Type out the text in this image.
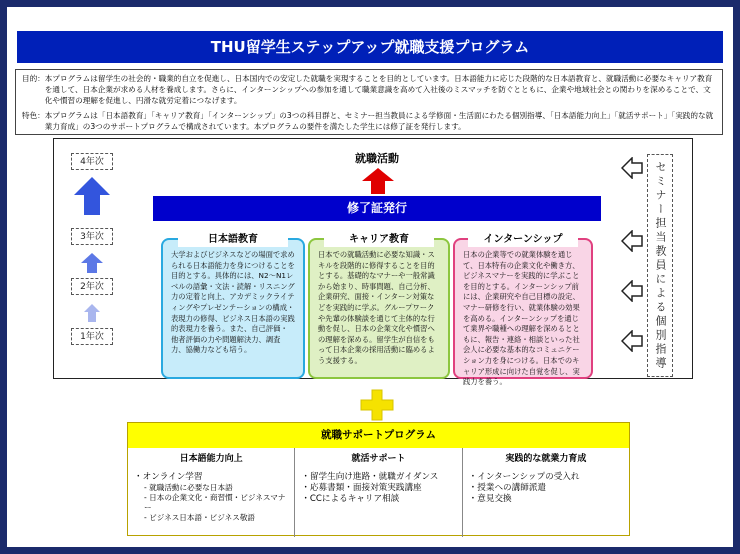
THU留学生ステップアップ就職支援プログラム
目的： 本プログラムは留学生の社会的・職業的自立を促進し、日本国内での安定した就職を実現することを目的としています。日本語能力に応じた段階的な日本語教育と、就職活動に必要なキャリア教育を通して、日本企業が求める人材を養成します。さらに、インターンシップへの参加を通して職業意識を高めて入社後のミスマッチを防ぐとともに、企業や地域社会との関わりを深めることで、文化や慣習の理解を促進し、円滑な就労定着につなげます。
特色： 本プログラムは「日本語教育」「キャリア教育」「インターンシップ」の3つの科目群と、セミナー担当教員による学修面・生活面にわたる個別指導、「日本語能力向上」「就活サポート」「実践的な就業力育成」の3つのサポートプログラムで構成されています。本プログラムの要件を満たした学生には修了証を発行します。
4年次
3年次
2年次
1年次
就職活動
修了証発行
日本語教育
大学およびビジネスなどの場面で求められる日本語能力を身につけることを目的とする。具体的には、N2～N1レベルの語彙・文法・読解・リスニング力の定着と向上、アカデミックライティングやプレゼンテーションの構成・表現力の修得、ビジネス日本語の実践的表現力を養う。また、自己評価・他者評価の力や問題解決力、調査力、協働力なども培う。
キャリア教育
日本での就職活動に必要な知識・スキルを段階的に修得することを目的とする。基礎的なマナーや一般常識から始まり、時事問題、自己分析、企業研究、面接・インターン対策などを実践的に学ぶ。グループワークや先輩の体験談を通じて主体的な行動を促し、日本の企業文化や慣習への理解を深める。留学生が自信をもって日本企業の採用活動に臨めるよう支援する。
インターンシップ
日本の企業等での就業体験を通じて、日本特有の企業文化や働き方、ビジネスマナーを実践的に学ぶことを目的とする。インターンシップ前には、企業研究や自己目標の設定、マナー研修を行い、就業体験の効果を高める。インターンシップを通じて業界や職種への理解を深めるとともに、報告・連絡・相談といった社会人に必要な基本的なコミュニケーション力を身につける。日本でのキャリア形成に向けた自覚を促し、実践力を養う。
セミナー担当教員による個別指導
就職サポートプログラム
日本語能力向上
・オンライン学習
- 就職活動に必要な日本語
- 日本の企業文化・商習慣・ビジネスマナー
- ビジネス日本語・ビジネス敬語
就活サポート
・留学生向け進路・就職ガイダンス
・応募書類・面接対策実践講座
・CCによるキャリア相談
実践的な就業力育成
・インターンシップの受入れ
・授業への講師派遣
・意見交換
